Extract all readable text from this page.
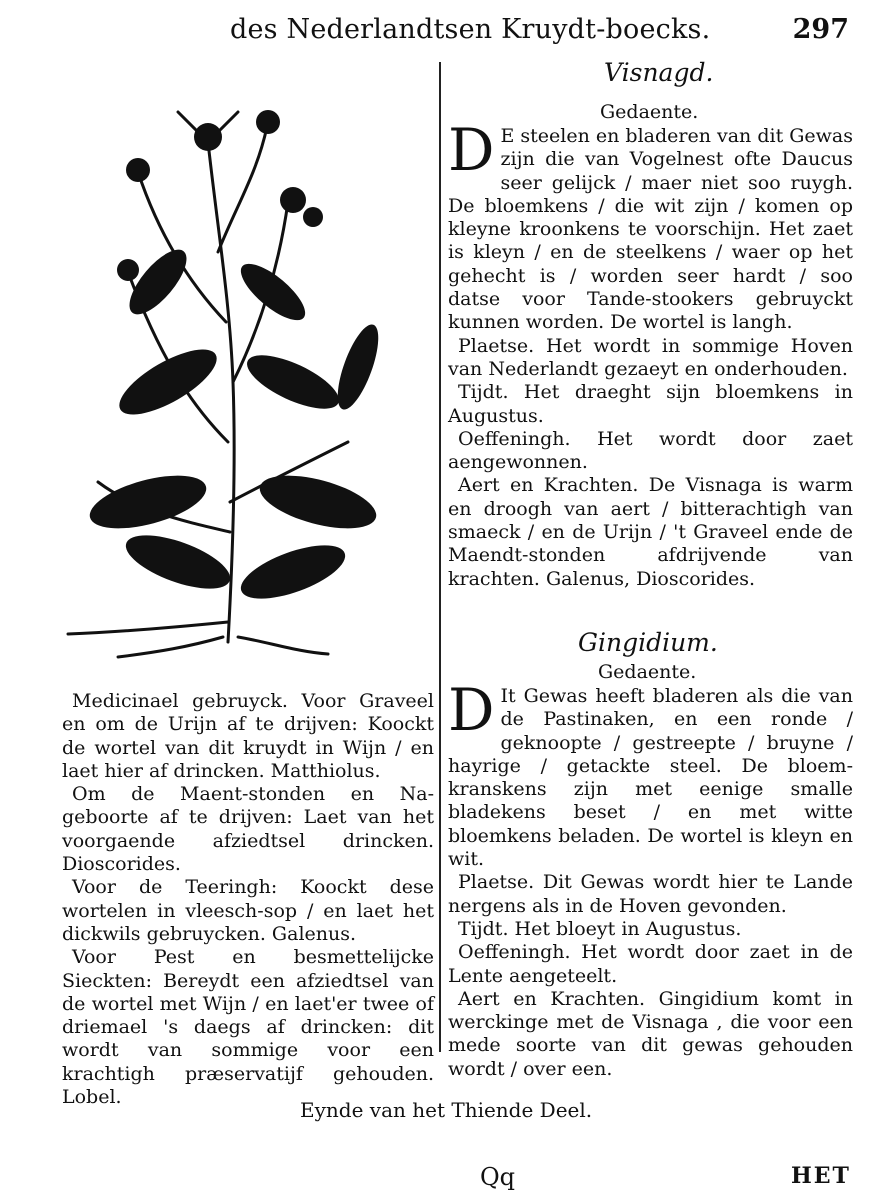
des Nederlandtsen Kruydt-boecks.	297
Visnagd.
Gedaente.
D E steelen en bladeren van dit Gewas zijn die van Vogelnest ofte Daucus seer gelijck / maer niet soo ruygh. De bloemkens / die wit zijn / komen op kleyne kroonkens te voorschijn. Het zaet is kleyn / en de steelkens / waer op het gehecht is / worden seer hardt / soo datse voor Tande-stookers gebruyckt kunnen worden. De wortel is langh.

Plaetse. Het wordt in sommige Hoven van Nederlandt gezaeyt en onderhouden.

Tijdt. Het draeght sijn bloemkens in Augustus.

Oeffeningh. Het wordt door zaet aengewonnen.

Aert en Krachten. De Visnaga is warm en droogh van aert / bitterachtigh van smaeck / en de Urijn / 't Graveel ende de Maendt-stonden afdrijvende van krachten. Galenus, Dioscorides.

Gingidium.
Gedaente.
D It Gewas heeft bladeren als die van de Pastinaken, en een ronde / geknoopte / gestreepte / bruyne / hayrige / getackte steel. De bloem-kranskens zijn met eenige smalle bladekens beset / en met witte bloemkens beladen. De wortel is kleyn en wit.

Plaetse. Dit Gewas wordt hier te Lande nergens als in de Hoven gevonden.

Tijdt. Het bloeyt in Augustus.

Oeffeningh. Het wordt door zaet in de Lente aengeteelt.

Aert en Krachten. Gingidium komt in werckinge met de Visnaga , die voor een mede soorte van dit gewas gehouden wordt / over een.

Medicinael gebruyck. Voor Graveel en om de Urijn af te drijven: Koockt de wortel van dit kruydt in Wijn / en laet hier af drincken. Matthiolus.

Om de Maent-stonden en Na-geboorte af te drijven: Laet van het voorgaende afziedtsel drincken. Dioscorides.

Voor de Teeringh: Koockt dese wortelen in vleesch-sop / en laet het dickwils gebruycken. Galenus.

Voor Pest en besmettelijcke Sieckten: Bereydt een afziedtsel van de wortel met Wijn / en laet'er twee of driemael 's daegs af drincken: dit wordt van sommige voor een krachtigh præservatijf gehouden. Lobel.

Eynde van het Thiende Deel.
Qq	HET
